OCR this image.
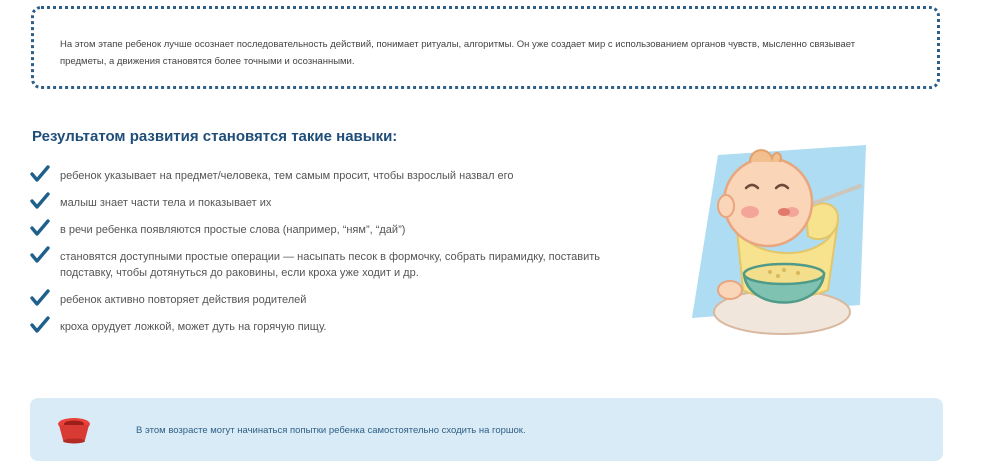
На этом этапе ребенок лучше осознает последовательность действий, понимает ритуалы, алгоритмы. Он уже создает мир с использованием органов чувств, мысленно связывает предметы, а движения становятся более точными и осознанными.
Результатом развития становятся такие навыки:
ребенок указывает на предмет/человека, тем самым просит, чтобы взрослый назвал его
малыш знает части тела и показывает их
в речи ребенка появляются простые слова (например, “ням”, “дай”)
становятся доступными простые операции — насыпать песок в формочку, собрать пирамидку, поставить подставку, чтобы дотянуться до раковины, если кроха уже ходит и др.
ребенок активно повторяет действия родителей
кроха орудует ложкой, может дуть на горячую пищу.
В этом возрасте могут начинаться попытки ребенка самостоятельно сходить на горшок.
